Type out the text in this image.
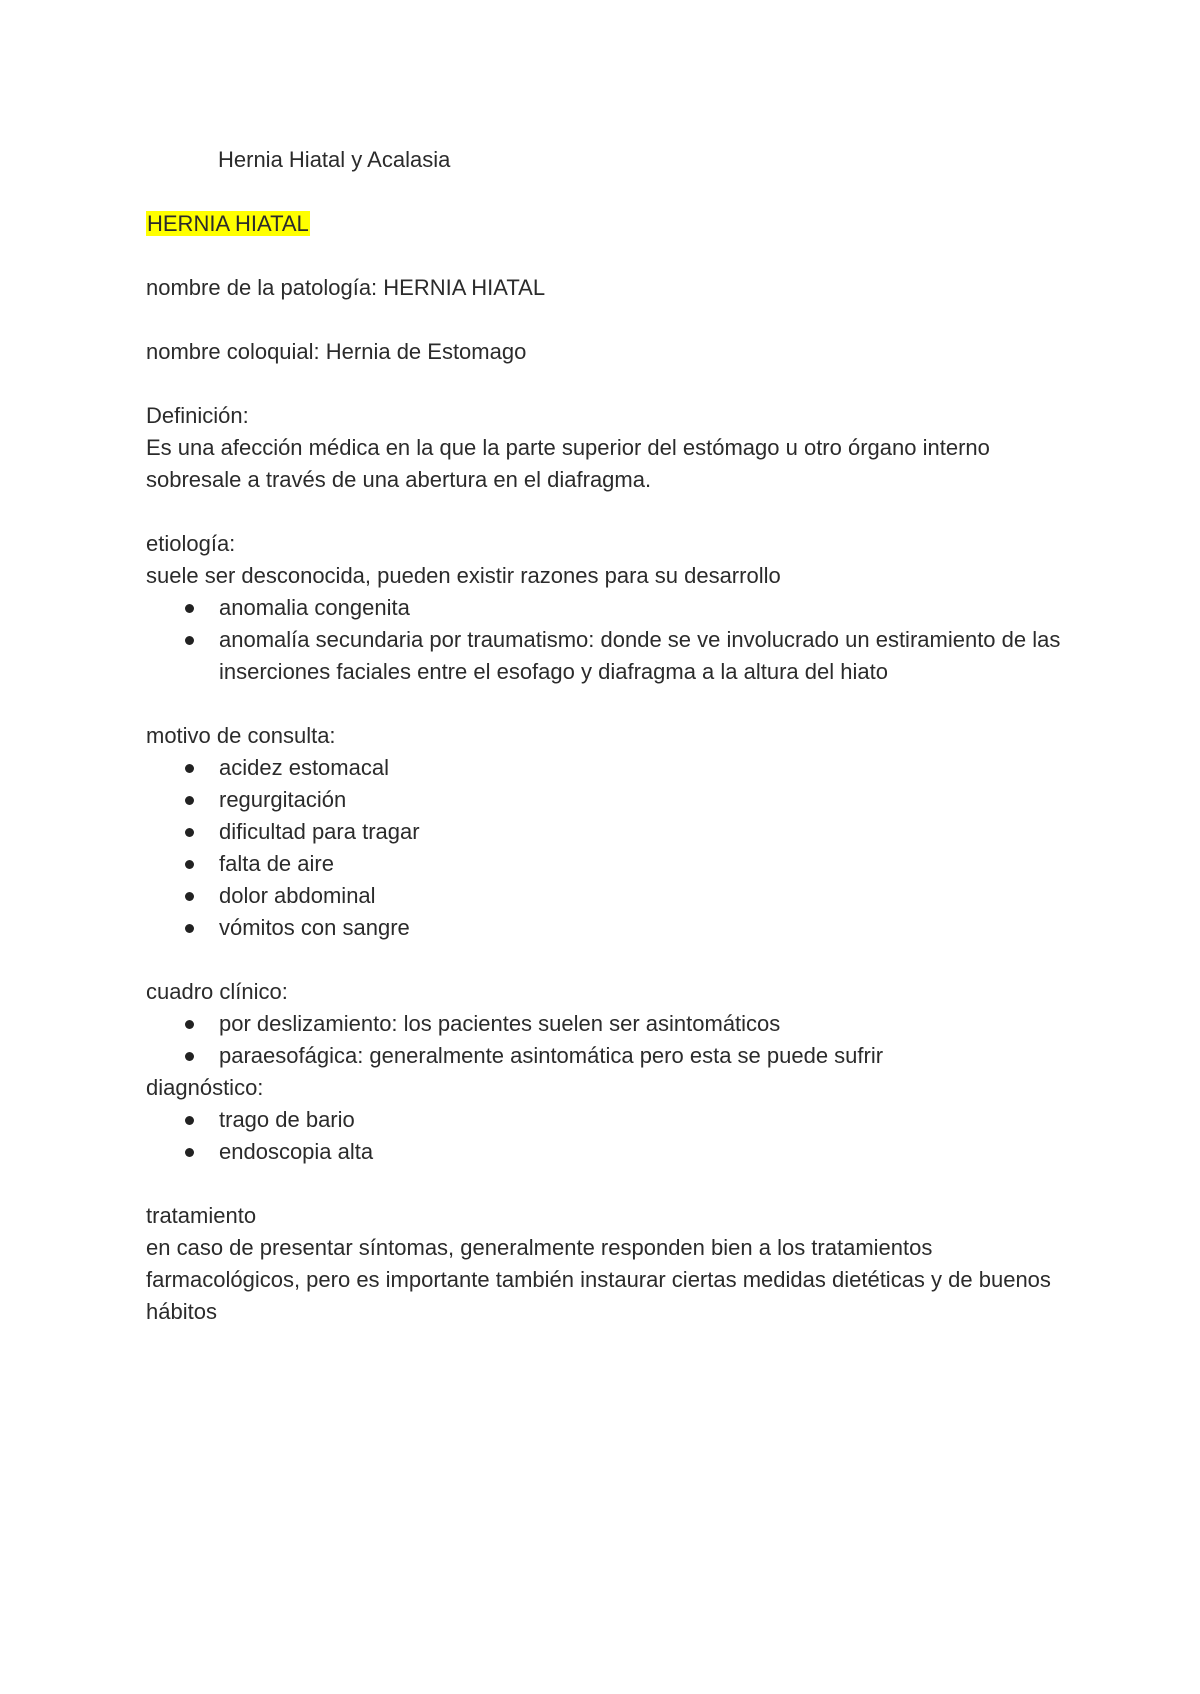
Hernia Hiatal y Acalasia

HERNIA HIATAL

nombre de la patología: HERNIA HIATAL

nombre coloquial: Hernia de Estomago

Definición:

Es una afección médica en la que la parte superior del estómago u otro órgano interno sobresale a través de una abertura en el diafragma.

etiología:

suele ser desconocida, pueden existir razones para su desarrollo

anomalia congenita
anomalía secundaria por traumatismo: donde se ve involucrado un estiramiento de las inserciones faciales entre el esofago y diafragma a la altura del hiato

motivo de consulta:

acidez estomacal
regurgitación
dificultad para tragar
falta de aire
dolor abdominal
vómitos con sangre

cuadro clínico:

por deslizamiento: los pacientes suelen ser asintomáticos
paraesofágica: generalmente asintomática pero esta se puede sufrir

diagnóstico:

trago de bario
endoscopia alta

tratamiento

en caso de presentar síntomas, generalmente responden bien a los tratamientos farmacológicos, pero es importante también instaurar ciertas medidas dietéticas y de buenos hábitos
